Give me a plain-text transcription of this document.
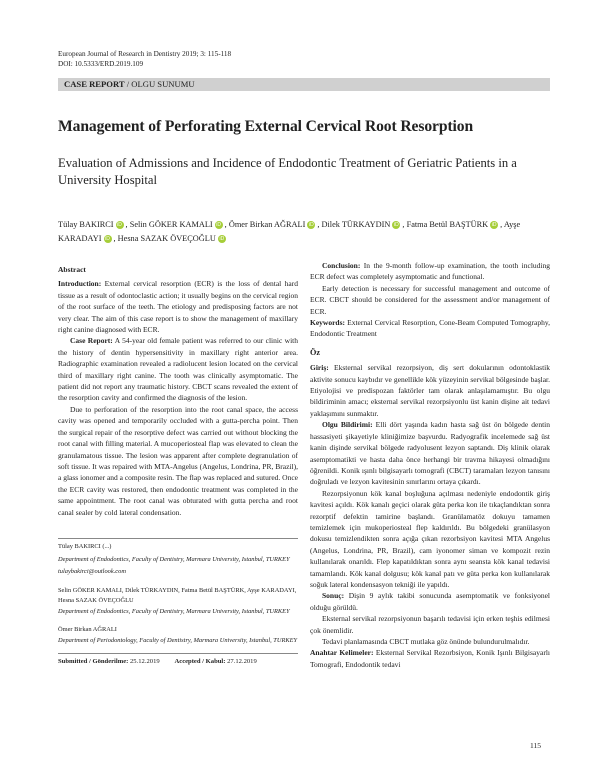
European Journal of Research in Dentistry 2019; 3: 115-118
DOI: 10.5333/ERD.2019.109
CASE REPORT / OLGU SUNUMU
Management of Perforating External Cervical Root Resorption
Evaluation of Admissions and Incidence of Endodontic Treatment of Geriatric Patients in a University Hospital
Tülay BAKIRCI iD , Selin GÖKER KAMALI iD , Ömer Birkan AĞRALI iD , Dilek TÜRKAYDIN iD , Fatma Betül BAŞTÜRK iD , Ayşe KARADAYI iD , Hesna SAZAK ÖVEÇOĞLU iD

Abstract

Introduction: External cervical resorption (ECR) is the loss of dental hard tissue as a result of odontoclastic action; it usually begins on the cervical region of the root surface of the teeth. The etiology and predisposing factors are not very clear. The aim of this case report is to show the management of maxillary right canine diagnosed with ECR.

Case Report: A 54-year old female patient was referred to our clinic with the history of dentin hypersensitivity in maxillary right anterior area. Radiographic examination revealed a radiolucent lesion located on the cervical third of maxillary right canine. The tooth was clinically asymptomatic. The patient did not report any traumatic history. CBCT scans revealed the extent of the resorption cavity and confirmed the diagnosis of the lesion.

Due to perforation of the resorption into the root canal space, the access cavity was opened and temporarily occluded with a gutta-percha point. Then the surgical repair of the resorptive defect was carried out without blocking the root canal with filling material. A mucoperiosteal flap was elevated to clean the granulamatous tissue. The lesion was apparent after complete degranulation of soft tissue. It was repaired with MTA-Angelus (Angelus, Londrina, PR, Brazil), a glass ionomer and a composite resin. The flap was replaced and sutured. Once the ECR cavity was restored, then endodontic treatment was completed in the same appointment. The root canal was obturated with gutta percha and root canal sealer by cold lateral condensation.

Tülay BAKIRCI (...)
Department of Endodontics, Faculty of Dentistry, Marmara University, Istanbul, TURKEY
tulaybakirci@outlook.com
Selin GÖKER KAMALI, Dilek TÜRKAYDIN, Fatma Betül BAŞTÜRK, Ayşe KARADAYI, Hesna SAZAK ÖVEÇOĞLU
Department of Endodontics, Faculty of Dentistry, Marmara University, Istanbul, TURKEY
Ömer Birkan AĞRALI
Department of Periodontology, Faculty of Dentistry, Marmara University, Istanbul, TURKEY
Submitted / Gönderilme: 25.12.2019 Accepted / Kabul: 27.12.2019

Conclusion: In the 9-month follow-up examination, the tooth including ECR defect was completely asymptomatic and functional.

Early detection is necessary for successful management and outcome of ECR. CBCT should be considered for the assessment and/or management of ECR.

Keywords: External Cervical Resorption, Cone-Beam Computed Tomography, Endodontic Treatment

Öz

Giriş: Eksternal servikal rezorpsiyon, diş sert dokularının odontoklastik aktivite sonucu kaybıdır ve genellikle kök yüzeyinin servikal bölgesinde başlar. Etiyolojisi ve predispozan faktörler tam olarak anlaşılamamıştır. Bu olgu bildiriminin amacı; eksternal servikal rezorpsiyonlu üst kanin dişine ait tedavi yaklaşımını sunmaktır.

Olgu Bildirimi: Elli dört yaşında kadın hasta sağ üst ön bölgede dentin hassasiyeti şikayetiyle kliniğimize başvurdu. Radyografik incelemede sağ üst kanin dişinde servikal bölgede radyolusent lezyon saptandı. Diş klinik olarak asemptomatikti ve hasta daha önce herhangi bir travma hikayesi olmadığını öğrenildi. Konik ışınlı bilgisayarlı tomografi (CBCT) taramaları lezyon tanısını doğruladı ve lezyon kavitesinin sınırlarını ortaya çıkardı.

Rezorpsiyonun kök kanal boşluğuna açılması nedeniyle endodontik giriş kavitesi açıldı. Kök kanalı geçici olarak güta perka kon ile tıkaçlandıktan sonra rezorptif defektin tamirine başlandı. Granülamatöz dokuyu tamamen temizlemek için mukoperiosteal flep kaldırıldı. Bu bölgedeki granülasyon dokusu temizlendikten sonra açığa çıkan rezorbsiyon kavitesi MTA Angelus (Angelus, Londrina, PR, Brazil), cam iyonomer siman ve kompozit rezin kullanılarak onarıldı. Flep kapatıldıktan sonra aynı seansta kök kanal tedavisi tamamlandı. Kök kanal dolgusu; kök kanal patı ve güta perka kon kullanılarak soğuk lateral kondensasyon tekniği ile yapıldı.

Sonuç: Dişin 9 aylık takibi sonucunda asemptomatik ve fonksiyonel olduğu görüldü.

Eksternal servikal rezorpsiyonun başarılı tedavisi için erken teşhis edilmesi çok önemlidir.

Tedavi planlamasında CBCT mutlaka göz önünde bulundurulmalıdır.

Anahtar Kelimeler: Eksternal Servikal Rezorbsiyon, Konik Işınlı Bilgisayarlı Tomografi, Endodontik tedavi

115
